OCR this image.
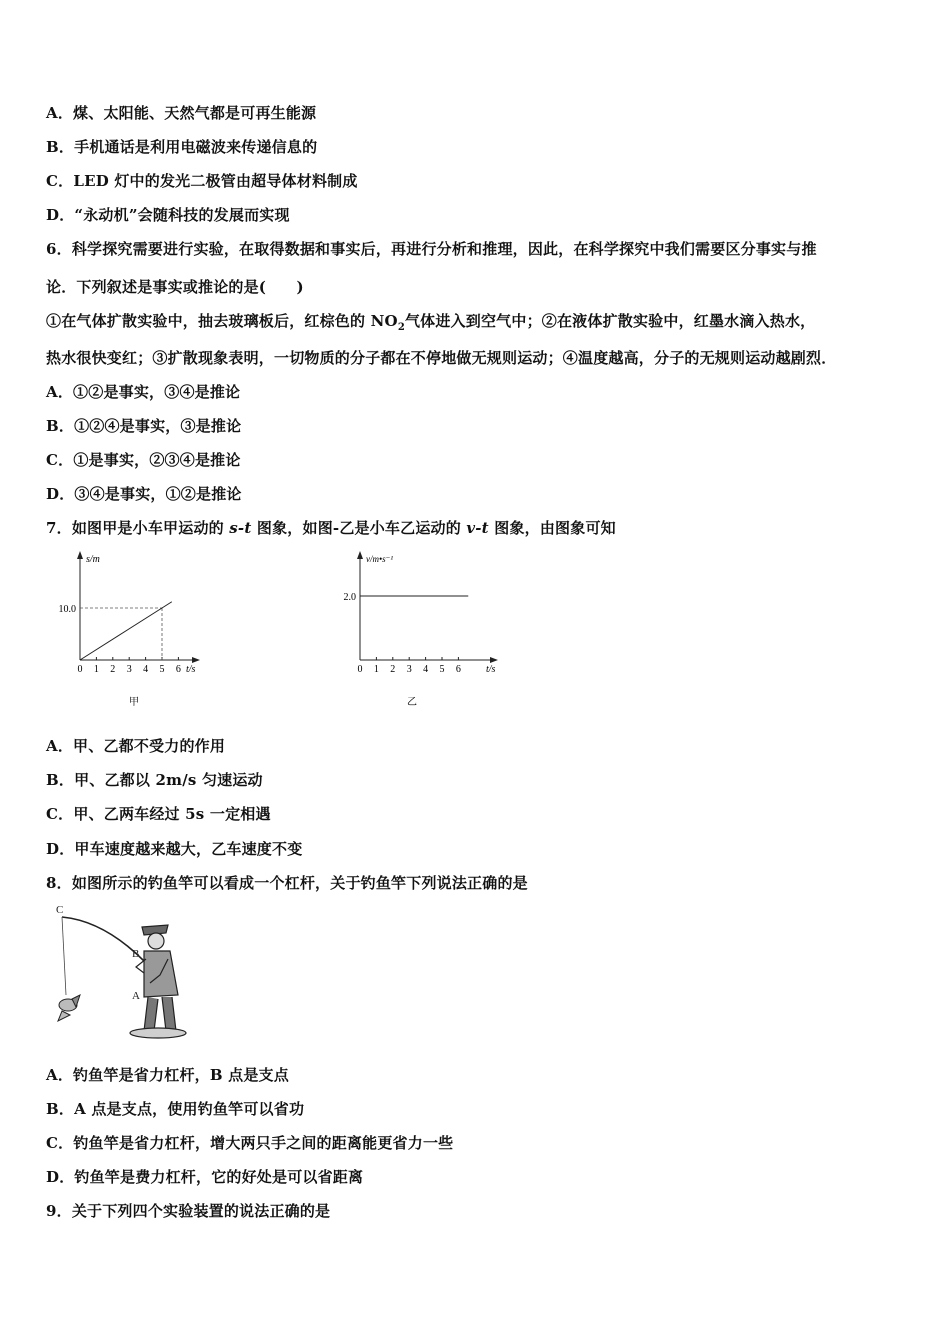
A．煤、太阳能、天然气都是可再生能源
B．手机通话是利用电磁波来传递信息的
C．LED 灯中的发光二极管由超导体材料制成
D．“永动机”会随科技的发展而实现
6．科学探究需要进行实验，在取得数据和事实后，再进行分析和推理，因此，在科学探究中我们需要区分事实与推
论．下列叙述是事实或推论的是(　　)
①在气体扩散实验中，抽去玻璃板后，红棕色的 $NO_2$气体进入到空气中；②在液体扩散实验中，红墨水滴入热水，
热水很快变红；③扩散现象表明，一切物质的分子都在不停地做无规则运动；④温度越高，分子的无规则运动越剧烈．
A．①②是事实，③④是推论
B．①②④是事实，③是推论
C．①是事实，②③④是推论
D．③④是事实，①②是推论
7．如图甲是小车甲运动的 s-t 图象，如图-乙是小车乙运动的 v-t 图象，由图象可知
0 1 2 3 4 5 6
10.0
s/m
t/s
甲
0 1 2 3 4 5 6
2.0
v/m•s⁻¹
t/s
乙
A．甲、乙都不受力的作用
B．甲、乙都以 2m/s 匀速运动
C．甲、乙两车经过 5s 一定相遇
D．甲车速度越来越大，乙车速度不变
8．如图所示的钓鱼竿可以看成一个杠杆，关于钓鱼竿下列说法正确的是
C
B
A
A．钓鱼竿是省力杠杆，B 点是支点
B．A 点是支点，使用钓鱼竿可以省功
C．钓鱼竿是省力杠杆，增大两只手之间的距离能更省力一些
D．钓鱼竿是费力杠杆，它的好处是可以省距离
9．关于下列四个实验装置的说法正确的是
